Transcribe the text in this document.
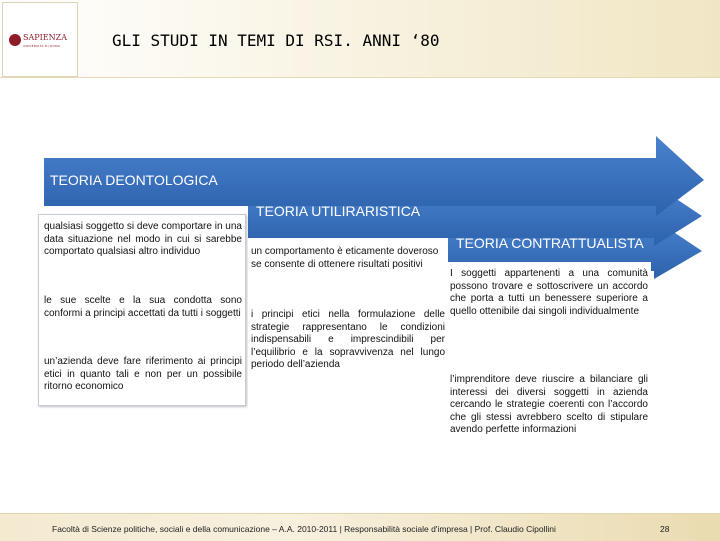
SAPIENZA
UNIVERSITÀ DI ROMA	GLI STUDI IN TEMI DI RSI. ANNI ‘80
TEORIA DEONTOLOGICA

qualsiasi soggetto si deve comportare in una data situazione nel modo in cui si sarebbe comportato qualsiasi altro individuo

le sue scelte e la sua condotta sono conformi a principi accettati da tutti i soggetti

un’azienda deve fare riferimento ai principi etici in quanto tali e non per un possibile ritorno economico

TEORIA UTILIRARISTICA

un comportamento è eticamente doveroso se consente di ottenere risultati positivi

i principi etici nella formulazione delle strategie rappresentano le condizioni indispensabili e imprescindibili per l’equilibrio e la sopravvivenza nel lungo periodo dell’azienda

TEORIA CONTRATTUALISTA

I soggetti appartenenti a una comunità possono trovare e sottoscrivere un accordo che porta a tutti un benessere superiore a quello ottenibile dai singoli individualmente

l’imprenditore deve riuscire a bilanciare gli interessi dei diversi soggetti in azienda cercando le strategie coerenti con l’accordo che gli stessi avrebbero scelto di stipulare avendo perfette informazioni

Facoltà di Scienze politiche, sociali e della comunicazione – A.A. 2010-2011 | Responsabilità sociale d'impresa | Prof. Claudio Cipollini	28
